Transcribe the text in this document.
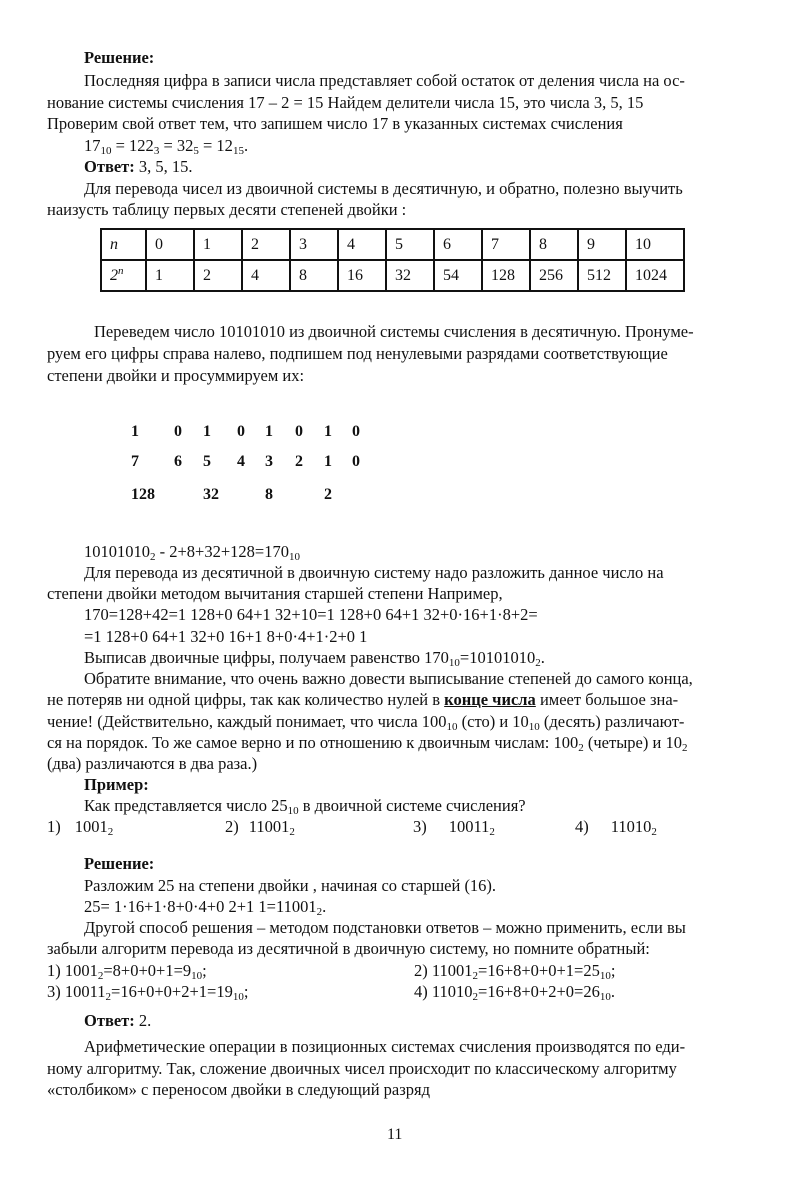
Решение:
Последняя цифра в записи числа представляет собой остаток от деления числа на ос-
нование системы счисления 17 – 2 = 15 Найдем делители числа 15, это числа 3, 5, 15
Проверим свой ответ тем, что запишем число 17 в указанных системах счисления
$17_{10} = 122_3 = 32_5 = 12_{15}$.
Ответ: 3, 5, 15.
Для перевода чисел из двоичной системы в десятичную, и обратно, полезно выучить
наизусть таблицу первых десяти степеней двойки :
n	0	1	2	3	4	5	6	7	8	9	10
2$^n$	1	2	4	8	16	32	54	128	256	512	1024
Переведем число 10101010 из двоичной системы счисления в десятичную. Пронуме-
руем его цифры справа налево, подпишем под ненулевыми разрядами соответствующие
степени двойки и просуммируем их:
1 0 1 0 1 0 1 0
7 6 5 4 3 2 1 0
128	32	8	2
$10101010_2 - 2+8+32+128=170_{10}$
Для перевода из десятичной в двоичную систему надо разложить данное число на
степени двойки методом вычитания старшей степени Например,
170=128+42=1 128+0 64+1 32+10=1 128+0 64+1 32+0·16+1·8+2=
=1 128+0 64+1 32+0 16+1 8+0·4+1·2+0 1
Выписав двоичные цифры, получаем равенство $170_{10}=10101010_2$.
Обратите внимание, что очень важно довести выписывание степеней до самого конца,
не потеряв ни одной цифры, так как количество нулей в конце числа имеет большое зна-
чение! (Действительно, каждый понимает, что числа $100_{10}$ (сто) и $10_{10}$ (десять) различают-
ся на порядок. То же самое верно и по отношению к двоичным числам: $100_2$ (четыре) и $10_2$
(два) различаются в два раза.)
Пример:
Как представляется число $25_{10}$ в двоичной системе счисления?
1) $1001_2$	2) $11001_2$	3) $10011_2$	4) $11010_2$
Решение:
Разложим 25 на степени двойки , начиная со старшей (16).
25= 1·16+1·8+0·4+0 2+1 $1=11001_2$.
Другой способ решения – методом подстановки ответов – можно применить, если вы
забыли алгоритм перевода из десятичной в двоичную систему, но помните обратный:
1) $1001_2=8+0+0+1=9_{10}$;	2) $11001_2=16+8+0+0+1=25_{10}$;
3) $10011_2=16+0+0+2+1=19_{10}$;	4) $11010_2=16+8+0+2+0=26_{10}$.
Ответ: 2.
Арифметические операции в позиционных системах счисления производятся по еди-
ному алгоритму. Так, сложение двоичных чисел происходит по классическому алгоритму
«столбиком» с переносом двойки в следующий разряд
11
